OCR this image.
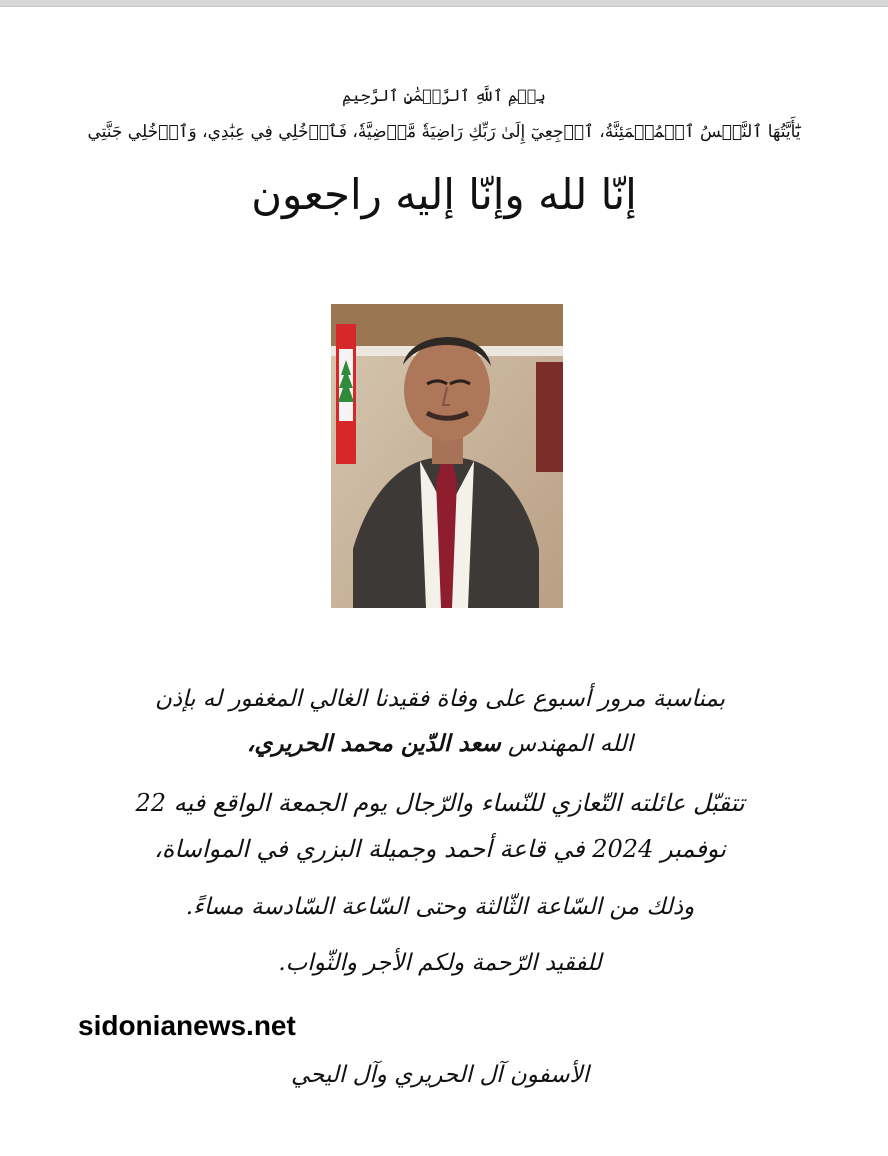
بِسۡمِ ٱللَّهِ ٱلرَّحۡمَٰنِ ٱلرَّحِيمِ
يَٰٓأَيَّتُهَا ٱلنَّفۡسُ ٱلۡمُطۡمَئِنَّةُ، ٱرۡجِعِيٓ إِلَىٰ رَبِّكِ رَاضِيَةٗ مَّرۡضِيَّةٗ، فَٱدۡخُلِي فِي عِبَٰدِي، وَٱدۡخُلِي جَنَّتِي
إنّا لله وإنّا إليه راجعون
بمناسبة مرور أسبوع على وفاة فقيدنا الغالي المغفور له بإذن
الله المهندس سعد الدّين محمد الحريري،
تتقبّل عائلته التّعازي للنّساء والرّجال يوم الجمعة الواقع فيه 22
نوفمبر 2024 في قاعة أحمد وجميلة البزري في المواساة،
وذلك من السّاعة الثّالثة وحتى السّاعة السّادسة مساءً.
للفقيد الرّحمة ولكم الأجر والثّواب.
sidonianews.net
الأسفون آل الحريري وآل اليحي
